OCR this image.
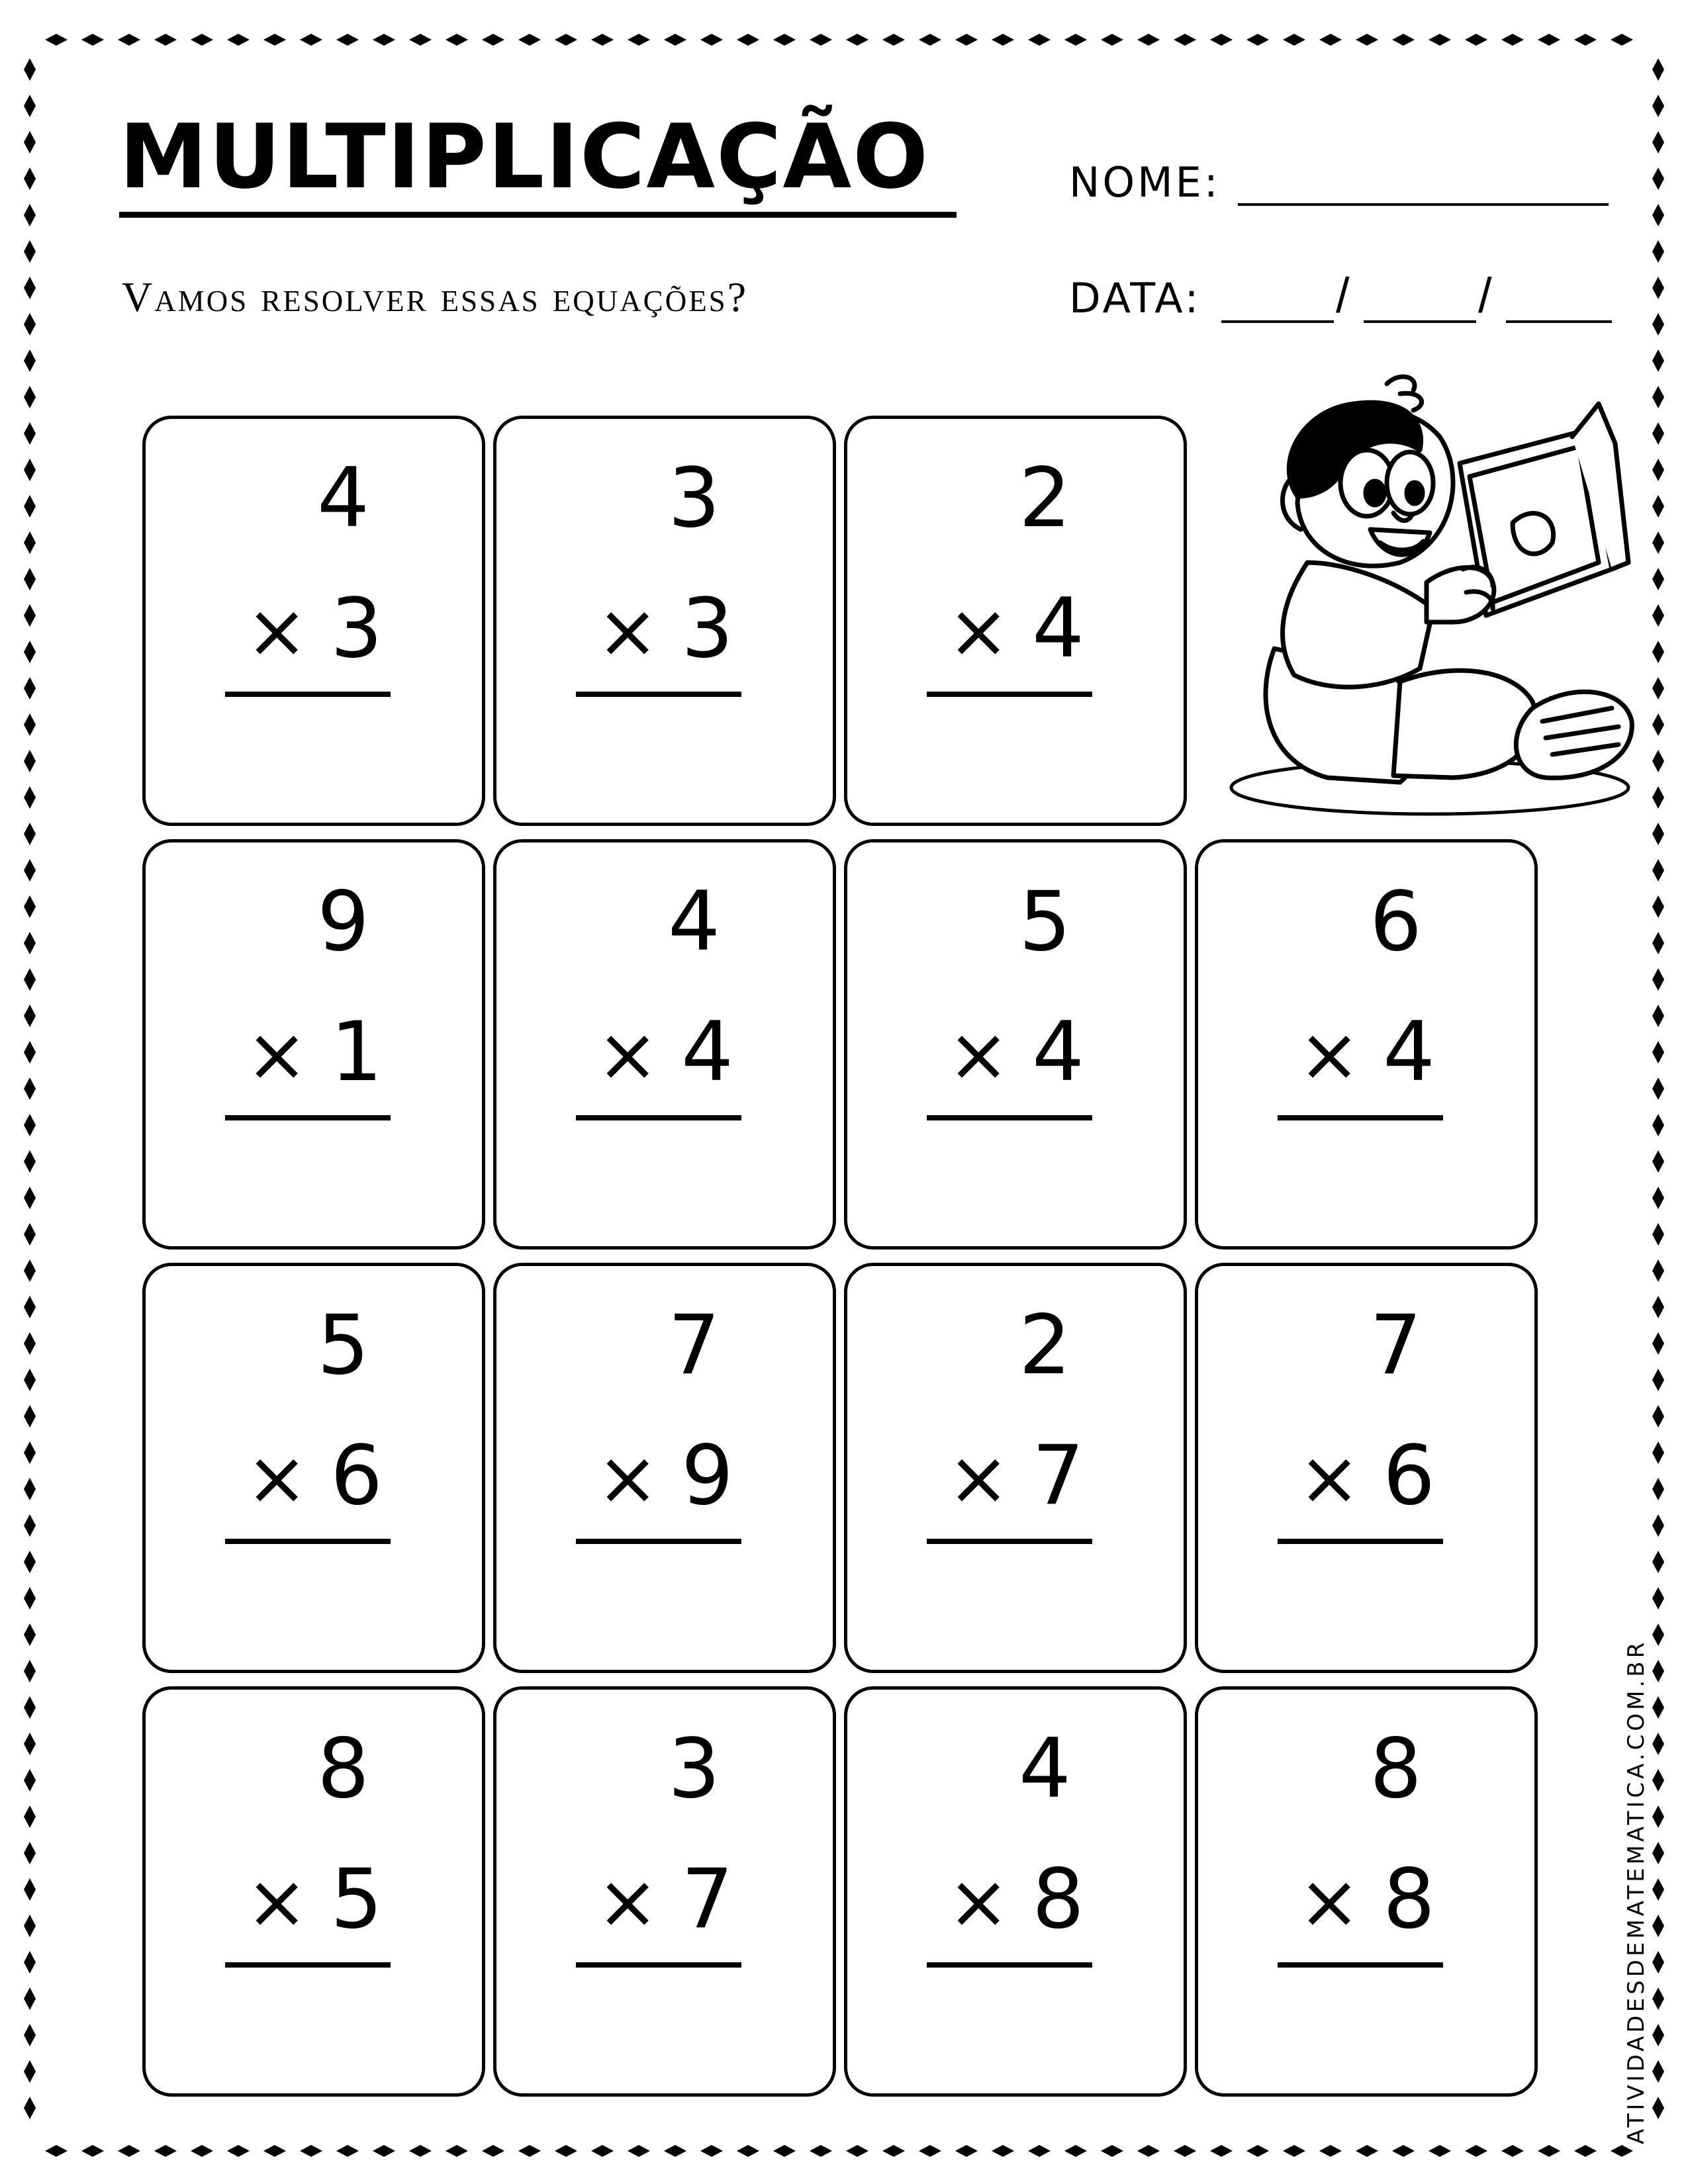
MULTIPLICAÇÃO
Vamos resolver essas equações?
NOME:
DATA:	/	/
4
× 3
3
× 3
2
× 4
9
× 1
4
× 4
5
× 4
6
× 4
5
× 6
7
× 9
2
× 7
7
× 6
8
× 5
3
× 7
4
× 8
8
× 8	ATIVIDADESDEMATEMATICA.COM.BR
